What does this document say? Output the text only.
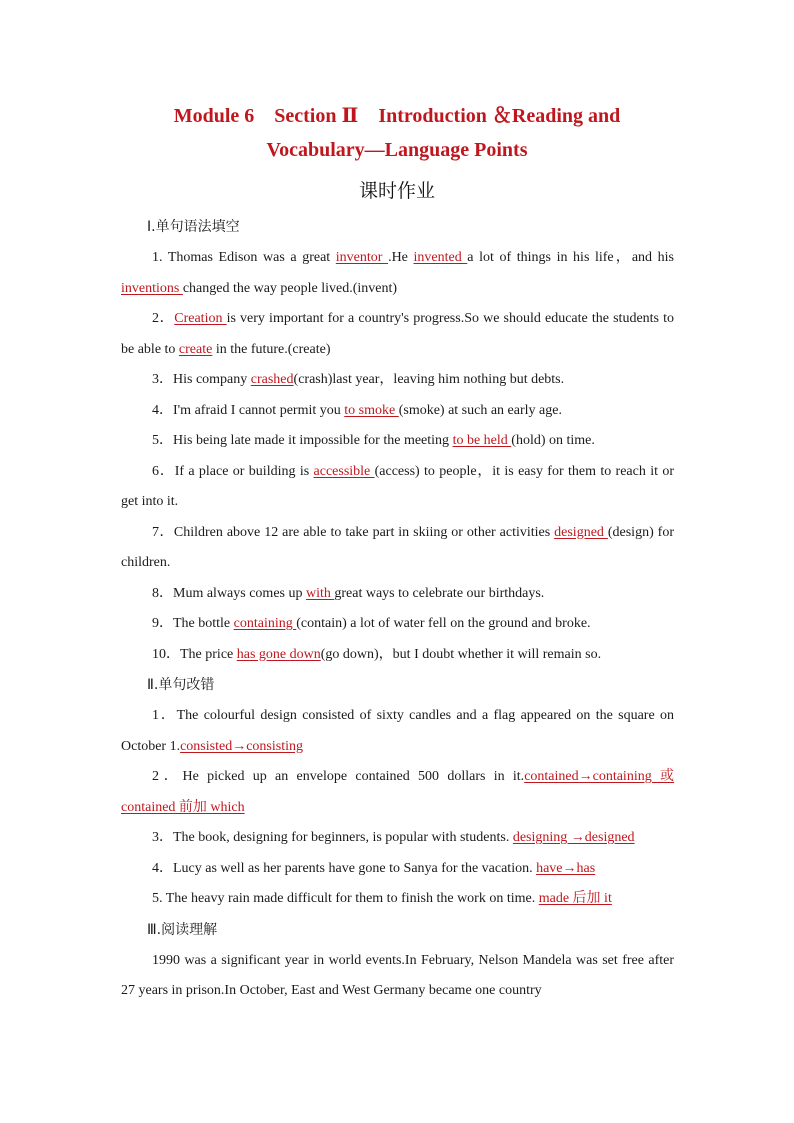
Module 6　Section Ⅱ　Introduction ＆Reading and
Vocabulary—Language Points
课时作业

Ⅰ.单句语法填空

1. Thomas Edison was a great inventor .He invented a lot of things in his life，and his inventions changed the way people lived.(invent)

2．Creation is very important for a country's progress.So we should educate the students to be able to create in the future.(create)

3．His company crashed(crash)last year，leaving him nothing but debts.

4．I'm afraid I cannot permit you to smoke (smoke) at such an early age.

5．His being late made it impossible for the meeting to be held (hold) on time.

6．If a place or building is accessible (access) to people，it is easy for them to reach it or get into it.

7．Children above 12 are able to take part in skiing or other activities designed (design) for children.

8．Mum always comes up with great ways to celebrate our birthdays.

9．The bottle containing (contain) a lot of water fell on the ground and broke.

10．The price has gone down(go down)，but I doubt whether it will remain so.

Ⅱ.单句改错

1．The colourful design consisted of sixty candles and a flag appeared on the square on October 1.consisted→consisting

2．He picked up an envelope contained 500 dollars in it.contained→containing 或 contained 前加 which

3．The book, designing for beginners, is popular with students. designing →designed

4．Lucy as well as her parents have gone to Sanya for the vacation. have→has

5. The heavy rain made difficult for them to finish the work on time. made 后加 it

Ⅲ.阅读理解

1990 was a significant year in world events.In February, Nelson Mandela was set free after 27 years in prison.In October, East and West Germany became one country
